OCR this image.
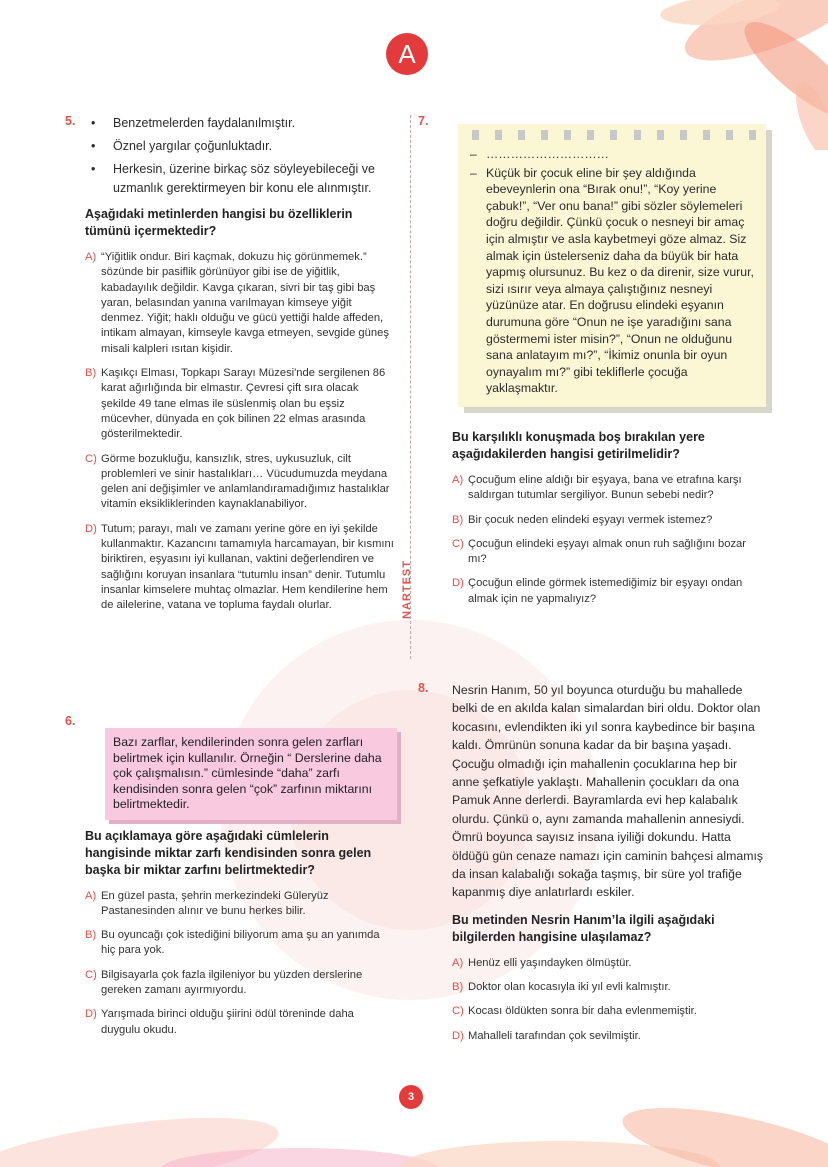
A
NARTEST
5.
•	Benzetmelerden faydalanılmıştır.
• Öznel yargılar çoğunluktadır.
• Herkesin, üzerine birkaç söz söyleyebileceği ve uzmanlık gerektirmeyen bir konu ele alınmıştır.
Aşağıdaki metinlerden hangisi bu özelliklerin tümünü içermektedir?
A) “Yiğitlik ondur. Biri kaçmak, dokuzu hiç görünmemek.” sözünde bir pasiflik görünüyor gibi ise de yiğitlik, kabadayılık değildir. Kavga çıkaran, sivri bir taş gibi baş yaran, belasından yanına varılmayan kimseye yiğit denmez. Yiğit; haklı olduğu ve gücü yettiği halde affeden, intikam almayan, kimseyle kavga etmeyen, sevgide güneş misali kalpleri ısıtan kişidir.
B) Kaşıkçı Elması, Topkapı Sarayı Müzesi'nde sergilenen 86 karat ağırlığında bir elmastır. Çevresi çift sıra olacak şekilde 49 tane elmas ile süslenmiş olan bu eşsiz mücevher, dünyada en çok bilinen 22 elmas arasında gösterilmektedir.
C) Görme bozukluğu, kansızlık, stres, uykusuzluk, cilt problemleri ve sinir hastalıkları… Vücudumuzda meydana gelen ani değişimler ve anlamlandıramadığımız hastalıklar vitamin eksikliklerinden kaynaklanabiliyor.
D) Tutum; parayı, malı ve zamanı yerine göre en iyi şekilde kullanmaktır. Kazancını tamamıyla harcamayan, bir kısmını biriktiren, eşyasını iyi kullanan, vaktini değerlendiren ve sağlığını koruyan insanlara “tutumlu insan” denir. Tutumlu insanlar kimselere muhtaç olmazlar. Hem kendilerine hem de ailelerine, vatana ve topluma faydalı olurlar.
6.
Bazı zarflar, kendilerinden sonra gelen zarfları belirtmek için kullanılır. Örneğin “ Derslerine daha çok çalışmalısın.” cümlesinde “daha” zarfı kendisinden sonra gelen “çok” zarfının miktarını belirtmektedir.
Bu açıklamaya göre aşağıdaki cümlelerin hangisinde miktar zarfı kendisinden sonra gelen başka bir miktar zarfını belirtmektedir?
A) En güzel pasta, şehrin merkezindeki Güleryüz Pastanesinden alınır ve bunu herkes bilir.
B) Bu oyuncağı çok istediğini biliyorum ama şu an yanımda hiç para yok.
C) Bilgisayarla çok fazla ilgileniyor bu yüzden derslerine gereken zamanı ayırmıyordu.
D) Yarışmada birinci olduğu şiirini ödül töreninde daha duygulu okudu.
7.
– …………………………
– Küçük bir çocuk eline bir şey aldığında ebeveynlerin ona “Bırak onu!”, “Koy yerine çabuk!”, “Ver onu bana!” gibi sözler söylemeleri doğru değildir. Çünkü çocuk o nesneyi bir amaç için almıştır ve asla kaybetmeyi göze almaz. Siz almak için üstelerseniz daha da büyük bir hata yapmış olursunuz. Bu kez o da direnir, size vurur, sizi ısırır veya almaya çalıştığınız nesneyi yüzünüze atar. En doğrusu elindeki eşyanın durumuna göre “Onun ne işe yaradığını sana göstermemi ister misin?”, “Onun ne olduğunu sana anlatayım mı?”, “İkimiz onunla bir oyun oynayalım mı?” gibi tekliflerle çocuğa yaklaşmaktır.
Bu karşılıklı konuşmada boş bırakılan yere aşağıdakilerden hangisi getirilmelidir?
A) Çocuğum eline aldığı bir eşyaya, bana ve etrafına karşı saldırgan tutumlar sergiliyor. Bunun sebebi nedir?
B) Bir çocuk neden elindeki eşyayı vermek istemez?
C) Çocuğun elindeki eşyayı almak onun ruh sağlığını bozar mı?
D) Çocuğun elinde görmek istemediğimiz bir eşyayı ondan almak için ne yapmalıyız?
8. Nesrin Hanım, 50 yıl boyunca oturduğu bu mahallede belki de en akılda kalan simalardan biri oldu. Doktor olan kocasını, evlendikten iki yıl sonra kaybedince bir başına kaldı. Ömrünün sonuna kadar da bir başına yaşadı. Çocuğu olmadığı için mahallenin çocuklarına hep bir anne şefkatiyle yaklaştı. Mahallenin çocukları da ona Pamuk Anne derlerdi. Bayramlarda evi hep kalabalık olurdu. Çünkü o, aynı zamanda mahallenin annesiydi. Ömrü boyunca sayısız insana iyiliği dokundu. Hatta öldüğü gün cenaze namazı için caminin bahçesi almamış da insan kalabalığı sokağa taşmış, bir süre yol trafiğe kapanmış diye anlatırlardı eskiler.
Bu metinden Nesrin Hanım’la ilgili aşağıdaki bilgilerden hangisine ulaşılamaz?
A) Henüz elli yaşındayken ölmüştür.
B) Doktor olan kocasıyla iki yıl evli kalmıştır.
C) Kocası öldükten sonra bir daha evlenmemiştir.
D) Mahalleli tarafından çok sevilmiştir.
3
